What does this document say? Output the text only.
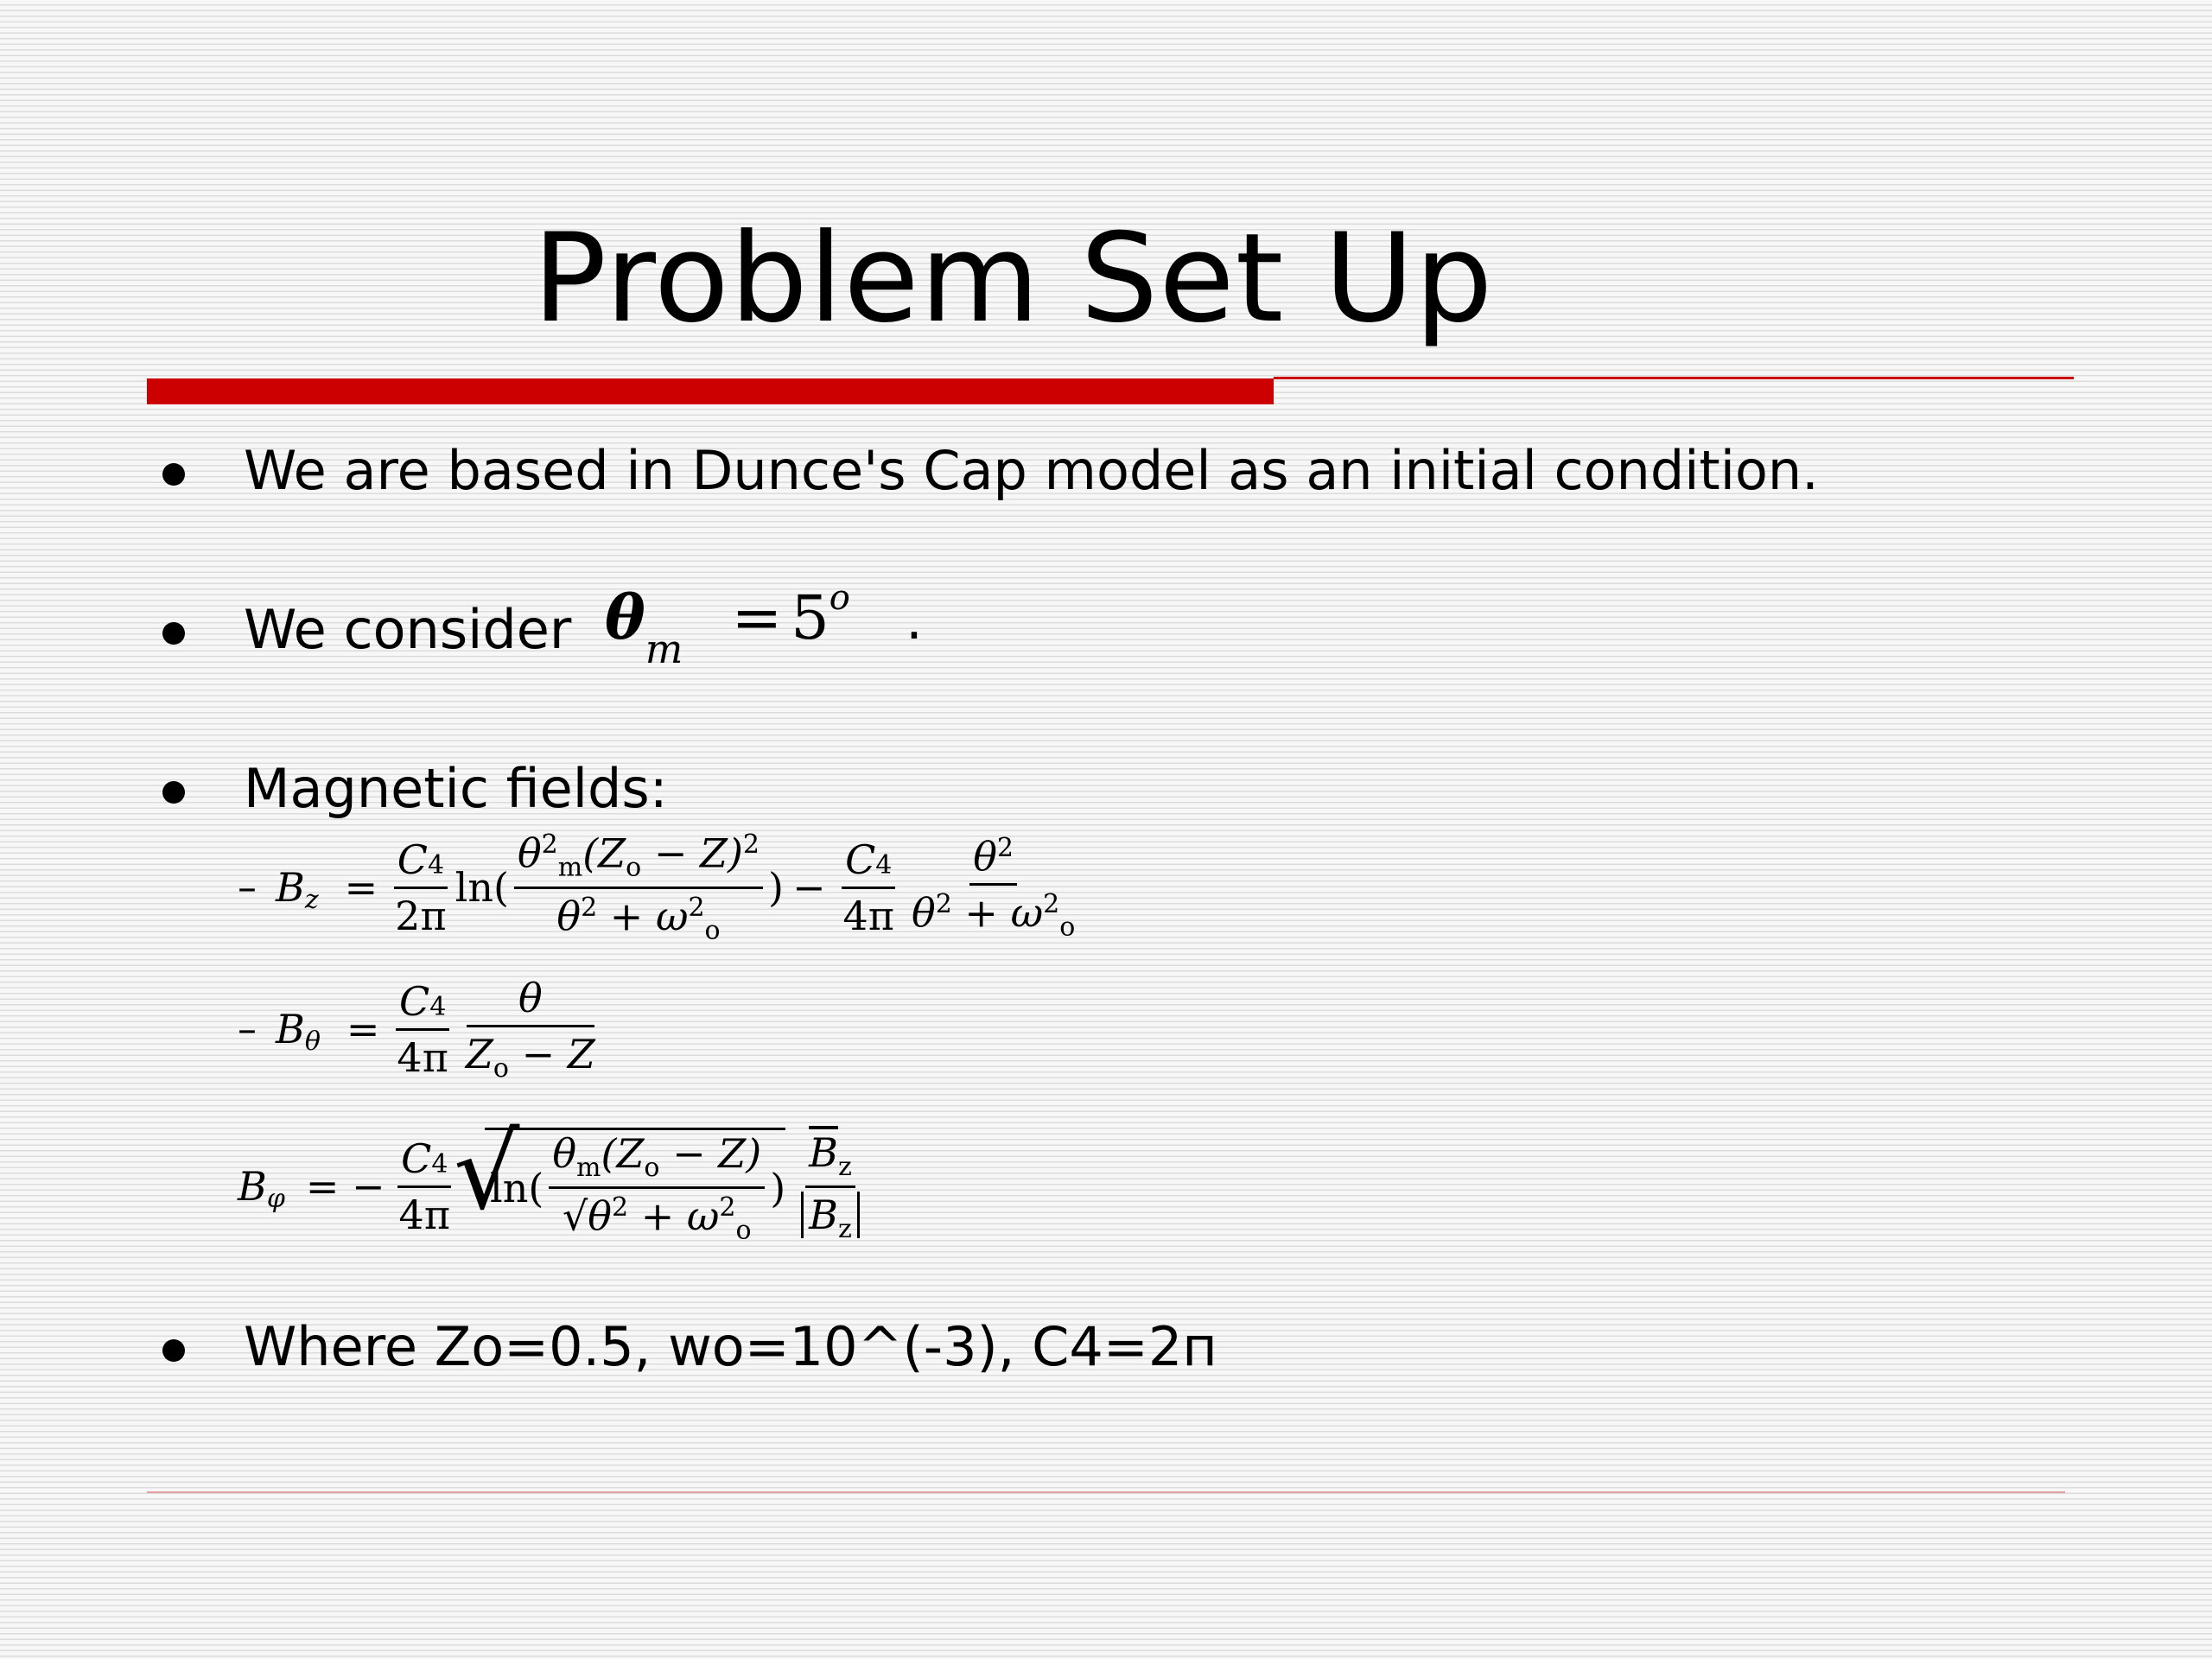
Problem Set Up
We are based in Dunce's Cap model as an initial condition.
We consider $\theta_m = 5^o$ .
Magnetic fields:
– B $z = \frac{C4}{2\pi} \ln( \frac{\theta^2_m(Z_o - Z)^2}{\theta^2 + \omega^2_o}$ ) − $\frac{C4}{4\pi} \frac{\theta^2}{\theta^2 + \omega^2_o}$
– B $\theta = \frac{C4}{4\pi} \frac{\theta}{Z_o - Z}$
B φ = − $\frac{C4}{4\pi}$ √ $\ln( \frac{\theta_m(Z_o - Z)}{√\theta^2 + \omega^2_o}$ ) $\frac{\overline{B}_z}{B_z}$
Where Zo=0.5, wo=10^(-3), C4=2п
